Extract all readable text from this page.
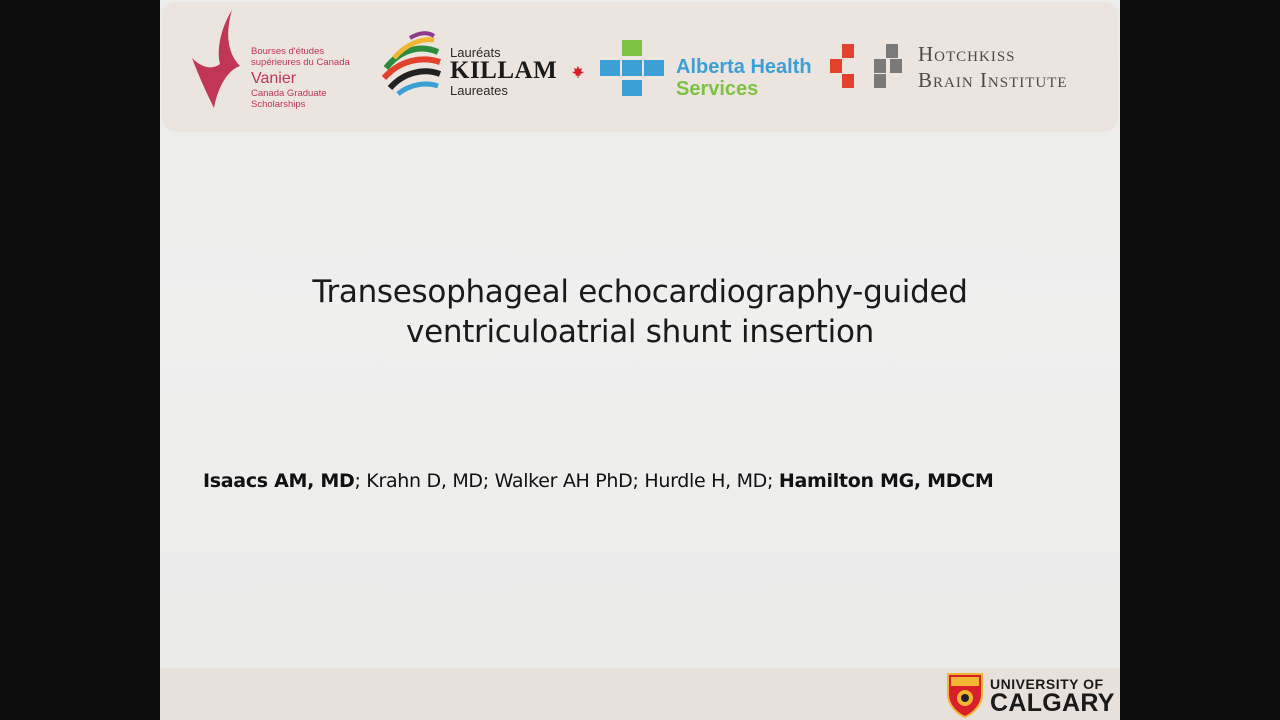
Bourses d'études
supérieures du Canada
Vanier
Canada Graduate
Scholarships
Lauréats
KILLAM
Laureates
Alberta Health
Services
Hotchkiss
Brain Institute
Transesophageal echocardiography-guided
ventriculoatrial shunt insertion
Isaacs AM, MD; Krahn D, MD; Walker AH PhD; Hurdle H, MD; Hamilton MG, MDCM
UNIVERSITY OF
CALGARY
